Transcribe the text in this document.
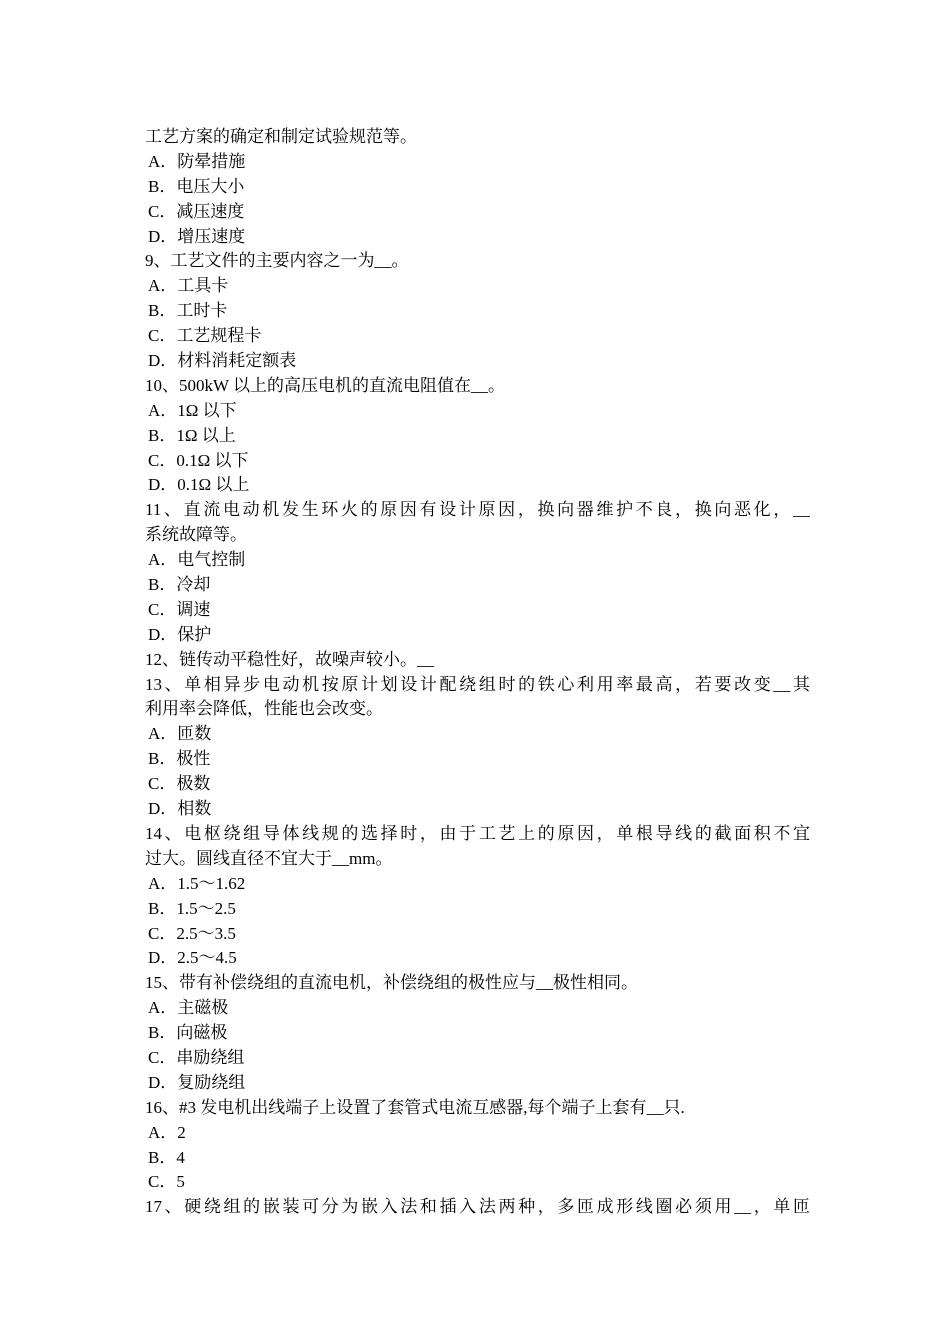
工艺方案的确定和制定试验规范等。
A．防晕措施
B．电压大小
C．减压速度
D．增压速度
9、工艺文件的主要内容之一为__。
A．工具卡
B．工时卡
C．工艺规程卡
D．材料消耗定额表
10、500kW 以上的高压电机的直流电阻值在__。
A．1Ω 以下
B．1Ω 以上
C．0.1Ω 以下
D．0.1Ω 以上
11、直流电动机发生环火的原因有设计原因，换向器维护不良，换向恶化，__
系统故障等。
A．电气控制
B．冷却
C．调速
D．保护
12、链传动平稳性好，故噪声较小。__
13、单相异步电动机按原计划设计配绕组时的铁心利用率最高，若要改变__其
利用率会降低，性能也会改变。
A．匝数
B．极性
C．极数
D．相数
14、电枢绕组导体线规的选择时，由于工艺上的原因，单根导线的截面积不宜
过大。圆线直径不宜大于__mm。
A．1.5～1.62
B．1.5～2.5
C．2.5～3.5
D．2.5～4.5
15、带有补偿绕组的直流电机，补偿绕组的极性应与__极性相同。
A．主磁极
B．向磁极
C．串励绕组
D．复励绕组
16、#3 发电机出线端子上设置了套管式电流互感器,每个端子上套有__只.
A．2
B．4
C．5
17、硬绕组的嵌装可分为嵌入法和插入法两种，多匝成形线圈必须用__，单匝
